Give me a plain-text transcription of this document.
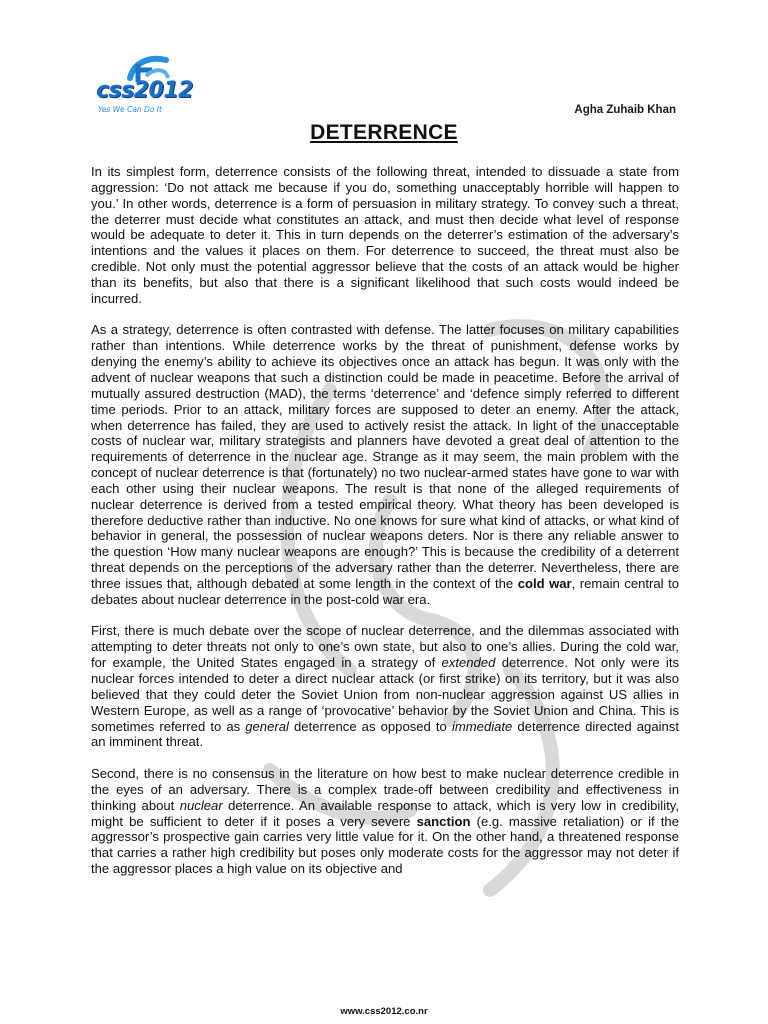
css2012
Yes We Can Do It	Agha Zuhaib Khan
DETERRENCE

In its simplest form, deterrence consists of the following threat, intended to dissuade a state from aggression: ‘Do not attack me because if you do, something unacceptably horrible will happen to you.’ In other words, deterrence is a form of persuasion in military strategy. To convey such a threat, the deterrer must decide what constitutes an attack, and must then decide what level of response would be adequate to deter it. This in turn depends on the deterrer’s estimation of the adversary’s intentions and the values it places on them. For deterrence to succeed, the threat must also be credible. Not only must the potential aggressor believe that the costs of an attack would be higher than its benefits, but also that there is a significant likelihood that such costs would indeed be incurred.

As a strategy, deterrence is often contrasted with defense. The latter focuses on military capabilities rather than intentions. While deterrence works by the threat of punishment, defense works by denying the enemy’s ability to achieve its objectives once an attack has begun. It was only with the advent of nuclear weapons that such a distinction could be made in peacetime. Before the arrival of mutually assured destruction (MAD), the terms ‘deterrence’ and ‘defence simply referred to different time periods. Prior to an attack, military forces are supposed to deter an enemy. After the attack, when deterrence has failed, they are used to actively resist the attack. In light of the unacceptable costs of nuclear war, military strategists and planners have devoted a great deal of attention to the requirements of deterrence in the nuclear age. Strange as it may seem, the main problem with the concept of nuclear deterrence is that (fortunately) no two nuclear-armed states have gone to war with each other using their nuclear weapons. The result is that none of the alleged requirements of nuclear deterrence is derived from a tested empirical theory. What theory has been developed is therefore deductive rather than inductive. No one knows for sure what kind of attacks, or what kind of behavior in general, the possession of nuclear weapons deters. Nor is there any reliable answer to the question ‘How many nuclear weapons are enough?’ This is because the credibility of a deterrent threat depends on the perceptions of the adversary rather than the deterrer. Nevertheless, there are three issues that, although debated at some length in the context of the cold war, remain central to debates about nuclear deterrence in the post-cold war era.

First, there is much debate over the scope of nuclear deterrence, and the dilemmas associated with attempting to deter threats not only to one’s own state, but also to one’s allies. During the cold war, for example, the United States engaged in a strategy of extended deterrence. Not only were its nuclear forces intended to deter a direct nuclear attack (or first strike) on its territory, but it was also believed that they could deter the Soviet Union from non-nuclear aggression against US allies in Western Europe, as well as a range of ‘provocative’ behavior by the Soviet Union and China. This is sometimes referred to as general deterrence as opposed to immediate deterrence directed against an imminent threat.

Second, there is no consensus in the literature on how best to make nuclear deterrence credible in the eyes of an adversary. There is a complex trade-off between credibility and effectiveness in thinking about nuclear deterrence. An available response to attack, which is very low in credibility, might be sufficient to deter if it poses a very severe sanction (e.g. massive retaliation) or if the aggressor’s prospective gain carries very little value for it. On the other hand, a threatened response that carries a rather high credibility but poses only moderate costs for the aggressor may not deter if the aggressor places a high value on its objective and

www.css2012.co.nr
